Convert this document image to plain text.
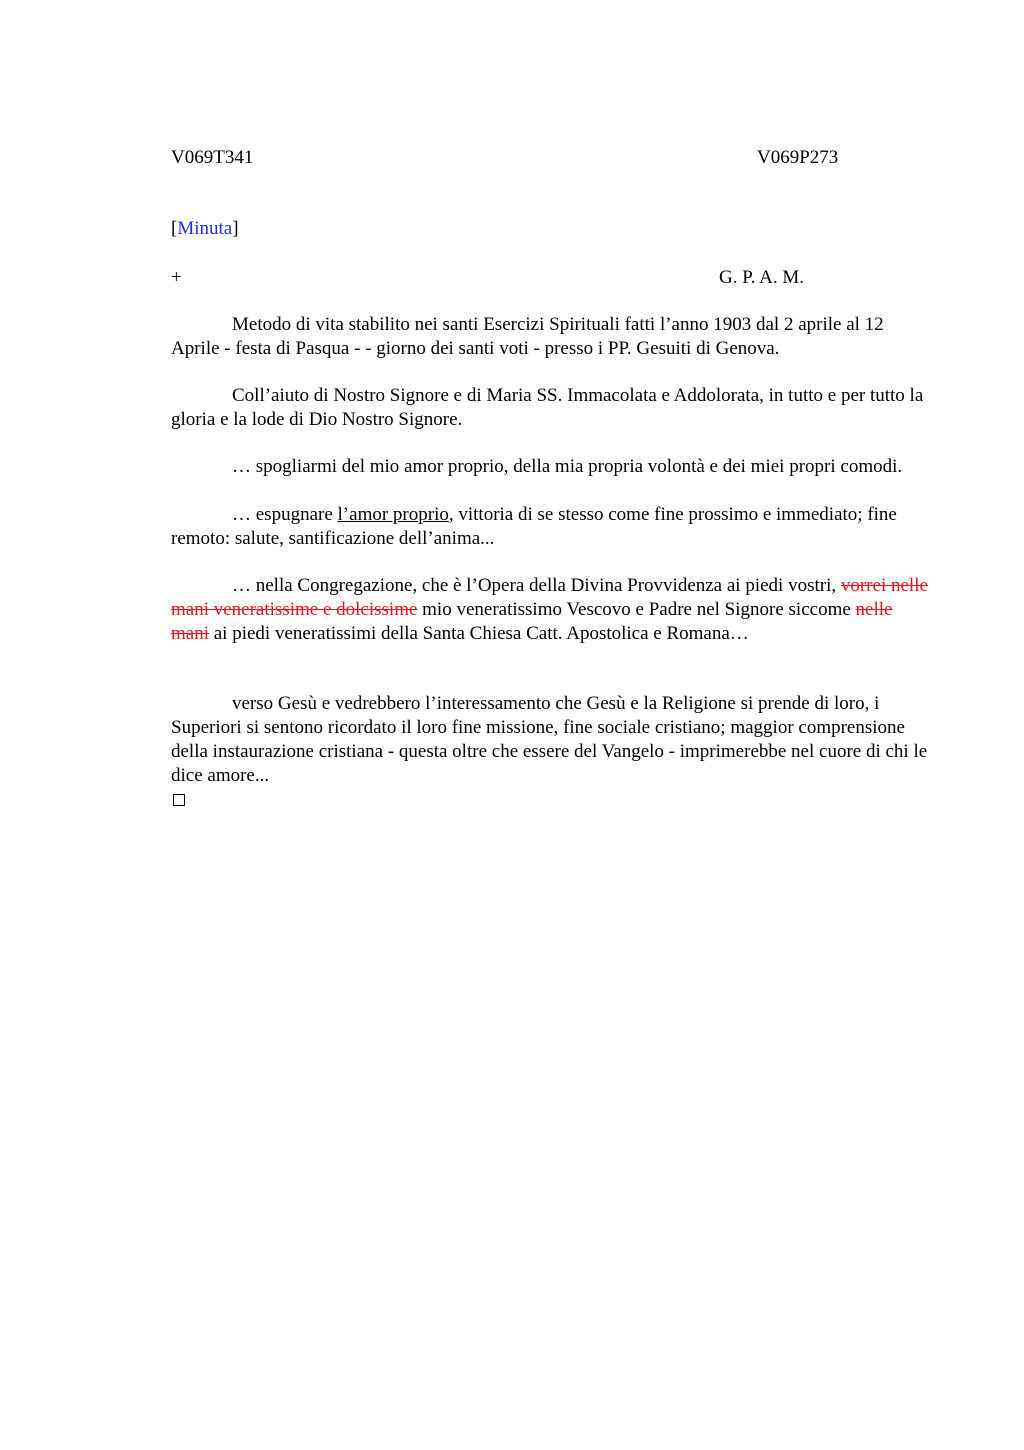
V069T341	V069P273
[Minuta]
+	G. P. A. M.

Metodo di vita stabilito nei santi Esercizi Spirituali fatti l’anno 1903 dal 2 aprile al 12 Aprile - festa di Pasqua - - giorno dei santi voti - presso i PP. Gesuiti di Genova.

Coll’aiuto di Nostro Signore e di Maria SS. Immacolata e Addolorata, in tutto e per tutto la gloria e la lode di Dio Nostro Signore.

… spogliarmi del mio amor proprio, della mia propria volontà e dei miei propri comodi.

… espugnare l’amor proprio, vittoria di se stesso come fine prossimo e immediato; fine remoto: salute, santificazione dell’anima...

… nella Congregazione, che è l’Opera della Divina Provvidenza ai piedi vostri, vorrei nelle mani veneratissime e dolcissime mio veneratissimo Vescovo e Padre nel Signore siccome nelle mani ai piedi veneratissimi della Santa Chiesa Catt. Apostolica e Romana…

verso Gesù e vedrebbero l’interessamento che Gesù e la Religione si prende di loro, i Superiori si sentono ricordato il loro fine missione, fine sociale cristiano; maggior comprensione della instaurazione cristiana - questa oltre che essere del Vangelo - imprimerebbe nel cuore di chi le dice amore...
